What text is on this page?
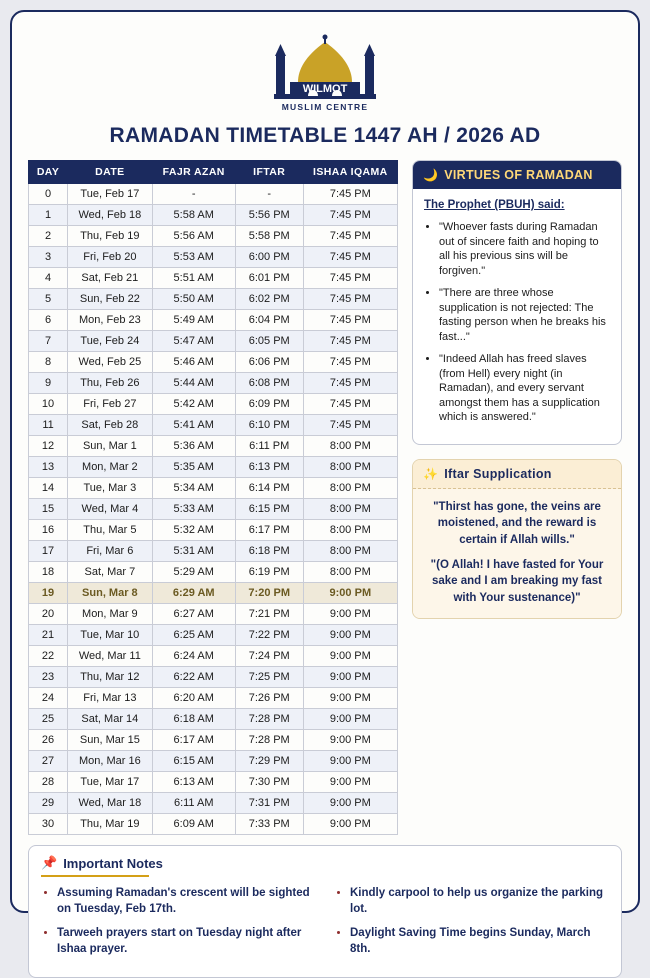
WILMOT
MUSLIM CENTRE
RAMADAN TIMETABLE 1447 AH / 2026 AD
DAY	DATE	FAJR AZAN	IFTAR	ISHAA IQAMA
0	Tue, Feb 17	-	-	7:45 PM
1	Wed, Feb 18	5:58 AM	5:56 PM	7:45 PM
2	Thu, Feb 19	5:56 AM	5:58 PM	7:45 PM
3	Fri, Feb 20	5:53 AM	6:00 PM	7:45 PM
4	Sat, Feb 21	5:51 AM	6:01 PM	7:45 PM
5	Sun, Feb 22	5:50 AM	6:02 PM	7:45 PM
6	Mon, Feb 23	5:49 AM	6:04 PM	7:45 PM
7	Tue, Feb 24	5:47 AM	6:05 PM	7:45 PM
8	Wed, Feb 25	5:46 AM	6:06 PM	7:45 PM
9	Thu, Feb 26	5:44 AM	6:08 PM	7:45 PM
10	Fri, Feb 27	5:42 AM	6:09 PM	7:45 PM
11	Sat, Feb 28	5:41 AM	6:10 PM	7:45 PM
12	Sun, Mar 1	5:36 AM	6:11 PM	8:00 PM
13	Mon, Mar 2	5:35 AM	6:13 PM	8:00 PM
14	Tue, Mar 3	5:34 AM	6:14 PM	8:00 PM
15	Wed, Mar 4	5:33 AM	6:15 PM	8:00 PM
16	Thu, Mar 5	5:32 AM	6:17 PM	8:00 PM
17	Fri, Mar 6	5:31 AM	6:18 PM	8:00 PM
18	Sat, Mar 7	5:29 AM	6:19 PM	8:00 PM
19	Sun, Mar 8	6:29 AM	7:20 PM	9:00 PM
20	Mon, Mar 9	6:27 AM	7:21 PM	9:00 PM
21	Tue, Mar 10	6:25 AM	7:22 PM	9:00 PM
22	Wed, Mar 11	6:24 AM	7:24 PM	9:00 PM
23	Thu, Mar 12	6:22 AM	7:25 PM	9:00 PM
24	Fri, Mar 13	6:20 AM	7:26 PM	9:00 PM
25	Sat, Mar 14	6:18 AM	7:28 PM	9:00 PM
26	Sun, Mar 15	6:17 AM	7:28 PM	9:00 PM
27	Mon, Mar 16	6:15 AM	7:29 PM	9:00 PM
28	Tue, Mar 17	6:13 AM	7:30 PM	9:00 PM
29	Wed, Mar 18	6:11 AM	7:31 PM	9:00 PM
30	Thu, Mar 19	6:09 AM	7:33 PM	9:00 PM
🌙 VIRTUES OF RAMADAN
The Prophet (PBUH) said:
• "Whoever fasts during Ramadan out of sincere faith and hoping to all his previous sins will be forgiven."
• "There are three whose supplication is not rejected: The fasting person when he breaks his fast..."
• "Indeed Allah has freed slaves (from Hell) every night (in Ramadan), and every servant amongst them has a supplication which is answered."
✨ Iftar Supplication
"Thirst has gone, the veins are moistened, and the reward is certain if Allah wills."
"(O Allah! I have fasted for Your sake and I am breaking my fast with Your sustenance)"
📌 Important Notes
• Assuming Ramadan's crescent will be sighted on Tuesday, Feb 17th.
• Tarweeh prayers start on Tuesday night after Ishaa prayer.
• Kindly carpool to help us organize the parking lot.
• Daylight Saving Time begins Sunday, March 8th.
